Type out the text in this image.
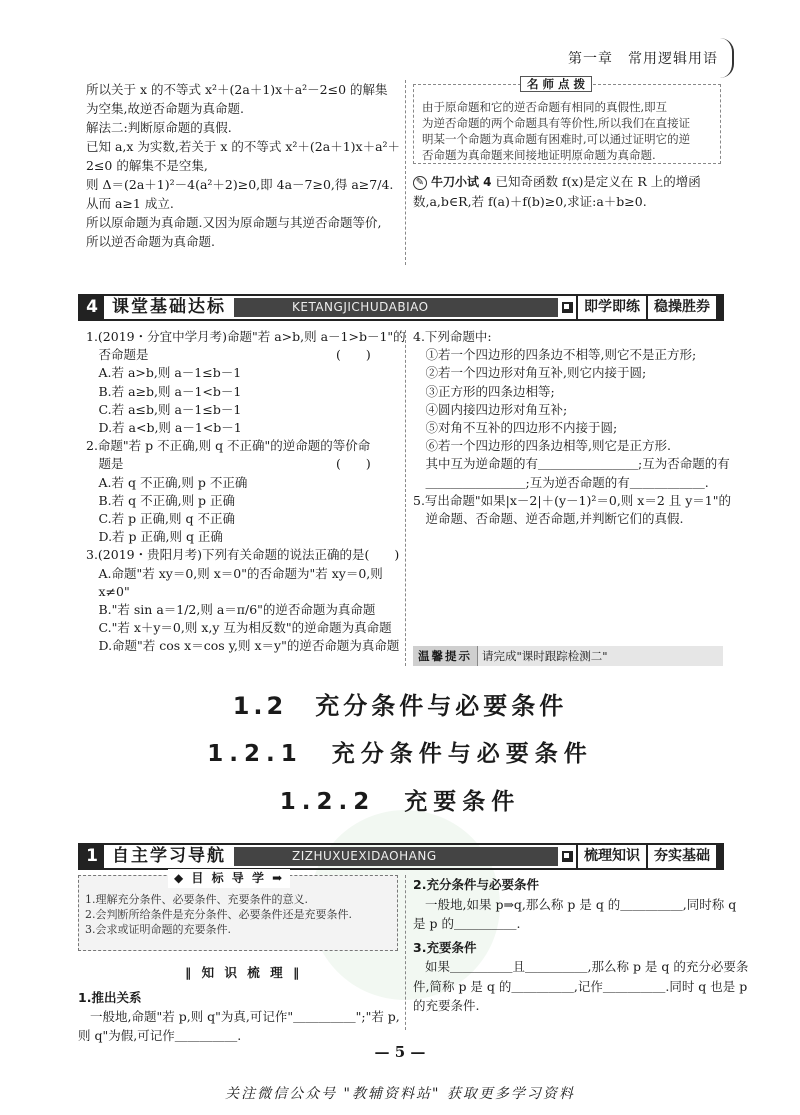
第一章　常用逻辑用语

所以关于 x 的不等式 x²＋(2a＋1)x＋a²－2≤0 的解集

为空集,故逆否命题为真命题.

解法二:判断原命题的真假.

已知 a,x 为实数,若关于 x 的不等式 x²＋(2a＋1)x＋a²＋

2≤0 的解集不是空集,

则 Δ＝(2a＋1)²－4(a²＋2)≥0,即 4a－7≥0,得 a≥7/4.

从而 a≥1 成立.

所以原命题为真命题.又因为原命题与其逆否命题等价,

所以逆否命题为真命题.

由于原命题和它的逆否命题有相同的真假性,即互

为逆否命题的两个命题具有等价性,所以我们在直接证

明某一个命题为真命题有困难时,可以通过证明它的逆

否命题为真命题来间接地证明原命题为真命题.

名 师 点 拨

✎ 牛刀小试 4 已知奇函数 f(x)是定义在 R 上的增函

数,a,b∈R,若 f(a)＋f(b)≥0,求证:a＋b≥0.

4 课堂基础达标	KETANGJICHUDABIAO	即学即练	稳操胜券

1.(2019・分宜中学月考)命题"若 a>b,则 a－1>b－1"的

　否命题是　　　　　　　　　　　　　　　(　　)

　A.若 a>b,则 a－1≤b－1

　B.若 a≥b,则 a－1<b－1

　C.若 a≤b,则 a－1≤b－1

　D.若 a<b,则 a－1<b－1

2.命题"若 p 不正确,则 q 不正确"的逆命题的等价命

　题是　　　　　　　　　　　　　　　　　(　　)

　A.若 q 不正确,则 p 不正确

　B.若 q 不正确,则 p 正确

　C.若 p 正确,则 q 不正确

　D.若 p 正确,则 q 正确

3.(2019・贵阳月考)下列有关命题的说法正确的是(　　)

　A.命题"若 xy＝0,则 x＝0"的否命题为"若 xy＝0,则

　x≠0"

　B."若 sin a＝1/2,则 a＝π/6"的逆否命题为真命题

　C."若 x＋y＝0,则 x,y 互为相反数"的逆命题为真命题

　D.命题"若 cos x＝cos y,则 x＝y"的逆否命题为真命题

4.下列命题中:

　①若一个四边形的四条边不相等,则它不是正方形;

　②若一个四边形对角互补,则它内接于圆;

　③正方形的四条边相等;

　④圆内接四边形对角互补;

　⑤对角不互补的四边形不内接于圆;

　⑥若一个四边形的四条边相等,则它是正方形.

　其中互为逆命题的有＿＿＿＿＿＿＿＿;互为否命题的有

　＿＿＿＿＿＿＿＿;互为逆否命题的有＿＿＿＿＿＿.

5.写出命题"如果|x－2|＋(y－1)²＝0,则 x＝2 且 y＝1"的

　逆命题、否命题、逆否命题,并判断它们的真假.

温馨提示 请完成"课时跟踪检测二"
1.2　充分条件与必要条件
1.2.1　充分条件与必要条件
1.2.2　充要条件
1 自主学习导航	ZIZHUXUEXIDAOHANG	梳理知识	夯实基础

1.理解充分条件、必要条件、充要条件的意义.

2.会判断所给条件是充分条件、必要条件还是充要条件.

3.会求或证明命题的充要条件.

◆ 目 标 导 学 ➡
‖ 知 识 梳 理 ‖

1.推出关系

一般地,命题"若 p,则 q"为真,可记作"＿＿＿＿＿";"若 p,

则 q"为假,可记作＿＿＿＿＿.

2.充分条件与必要条件

一般地,如果 p⇒q,那么称 p 是 q 的＿＿＿＿＿,同时称 q

是 p 的＿＿＿＿＿.

3.充要条件

如果＿＿＿＿＿且＿＿＿＿＿,那么称 p 是 q 的充分必要条

件,简称 p 是 q 的＿＿＿＿＿,记作＿＿＿＿＿.同时 q 也是 p

的充要条件.

— 5 —
关注微信公众号 "教辅资料站" 获取更多学习资料
